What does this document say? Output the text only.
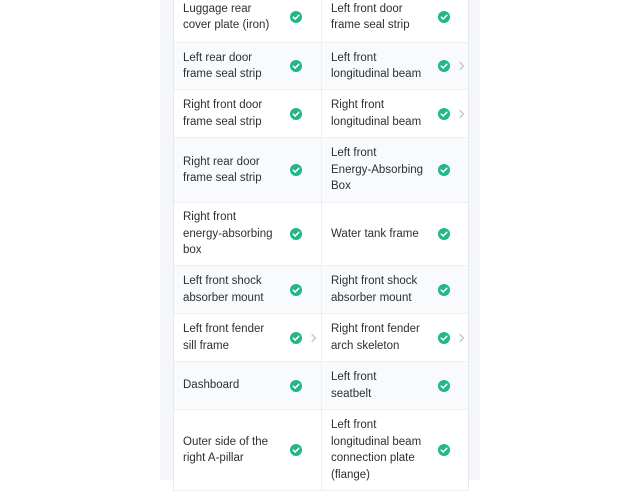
Luggage rear
cover plate (iron)
Left front door
frame seal strip
Left rear door
frame seal strip
Left front
longitudinal beam
Right front door
frame seal strip
Right front
longitudinal beam
Right rear door
frame seal strip
Left front
Energy-Absorbing
Box
Right front
energy-absorbing
box
Water tank frame
Left front shock
absorber mount
Right front shock
absorber mount
Left front fender
sill frame
Right front fender
arch skeleton
Dashboard
Left front
seatbelt
Outer side of the
right A-pillar
Left front
longitudinal beam
connection plate
(flange)
